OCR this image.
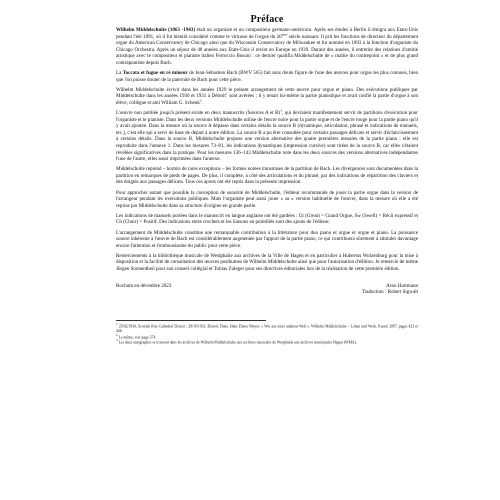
Préface

Wilhelm Middelschulte (1863 -1943) était un organiste et un compositeur germano-américain. Après ses études à Berlin il émigra aux Etats-Unis pendant l'été 1891, où il fut bientôt considéré comme le virtuose de l'orgue du 20ème siècle naissant. Il prit les fonctions de directeur du département orgue du American Conservatory de Chicago ainsi que du Wisconsin Conservatory de Milwaukee et fut nommé en 1893 à la fonction d'organiste du Chicago Orchestra. Après un séjour de 48 années aux Etats-Unis il revint en Europe en 1939. Durant des années, il entretint des relations d'amitié artistique avec le compositeur et pianiste italien Ferruccio Busoni : ce dernier qualifia Middelschulte de « maître du contrepoint » et de plus grand contrapuntiste depuis Bach.

La Toccata et fugue en ré mineur de Jean-Sébastien Bach (BWV 565) fait sans doute figure de l'une des œuvres pour orgue les plus connues, bien que l'on puisse douter de la paternité de Bach pour cette pièce.

Wilhelm Middelschulte écrivit dans les années 1929 le présent arrangement de cette œuvre pour orgue et piano. Des exécutions publiques par Middelschulte dans les années 1930 et 1931 à Détroit$^1$ sont avérées ; il y tenait lui-même la partie pianistique et avait confié la partie d'orgue à son élève, collègue et ami William G. Schenk$^2$.

L'œuvre non publiée jusqu'à présent existe en deux manuscrits (Sources A et B)$^3$, qui deviaient manifestement servir de partitions d'exécution pour l'organiste et le pianiste. Dans les deux versions Middelschulte utilise de l'encre noire pour la partie orgue et de l'encre rouge pour la partie piano qu'il y avait ajoutée. Dans la mesure où la source A dépasse dans certains détails la source B (dynamique, articulation, phrasé et indications de manuels, etc.), c'est elle qui a servi de base de départ à notre édition. La source B a pu être consultée pour certains passages délicats et servir d'éclaircissement à certains détails. Dans la source B, Middelschulte propose une version alternative des quatre premières mesures de la partie piano ; elle est reproduite dans l'annexe 1. Dans les mesures 73–81, les indications dynamiques (impression cursive) sont tirées de la source B, car elles s'étaient révélées significatives dans la pratique. Pour les mesures 136–143 Middelschulte note dans les deux sources des versions alternatives indépendantes l'une de l'autre, elles aussi imprimées dans l'annexe.

Middelschulte reprend – hormis de rares exceptions – les formes notées transmises de la partition de Bach. Les divergences sont documentées dans la partition en remarques de pieds de pages. De plus, il complète, à côté des articulations et du phrasé, par des indications de répartition des claviers et des doigtés aux passages délicats. Tous ces ajouts ont été repris dans la présente impression.

Pour approcher autant que possible la conception de sonorité de Middelschulte, l'éditeur recommande de jouer la partie orgue dans la version de l'arrangeur pendant les exécutions publiques. Mais l'organiste peut aussi jouer « sa » version habituelle de l'œuvre, dans la mesure où elle a été reprise par Middelschulte dans sa structure d'origine en grande partie.

Les indications de manuels portées dans le manuscrit en langue anglaise ont été gardées : Gt (Great) = Grand Orgue, Sw (Swell) = Récit expressif et Ch (Choir) = Positif. Des indications entre crochets et les liaisons en pointillés sont des ajouts de l'éditeur.

L'arrangement de Middelschulte constitue une remarquable contribution à la littérature pour duo piano et orgue et orgue et piano. La puissance sonore inhérente à l'œuvre de Bach est considérablement augmentée par l'apport de la partie piano, ce qui contribuera sûrement à stimuler davantage encore l'attention et l'enthousiasme du public pour cette pièce.

Remerciements à la bibliothèque musicale de Westphalie aux archives de la Ville de Hagen et en particulier à Hubertus Wolzenburg pour la mise à disposition et la facilité de consultation des œuvres posthumes de Wilhelm Middelschulte ainsi que pour l'autorisation d'édition. Je remercie de même Jürgen Sonnentheil pour son conseil collégial et Tobias Zuleger pour ses directives éditoriales lors de la réalisation de cette première édition.

Bochum en décembre 2023	Arno Hartmann
Traduction : Robert Sigwalt

$^1$ 25/02/1930, Scottish Rite Cathedral Detroit ; 28/10/1931, Detroit. Dans: Hans Dieter Meyer, « Wie aus einer anderen Welt ». Wilhelm Middelschulte – Leben und Werk, Kassel 2007, pages 423 et 426.

$^2$ Le même, voir page 374.

$^3$ Les deux autographes se trouvent dans les archives de Wilhelm Middelschulte aux archives musicales de Westphalie aux archives municipales Hagen (WMA).
